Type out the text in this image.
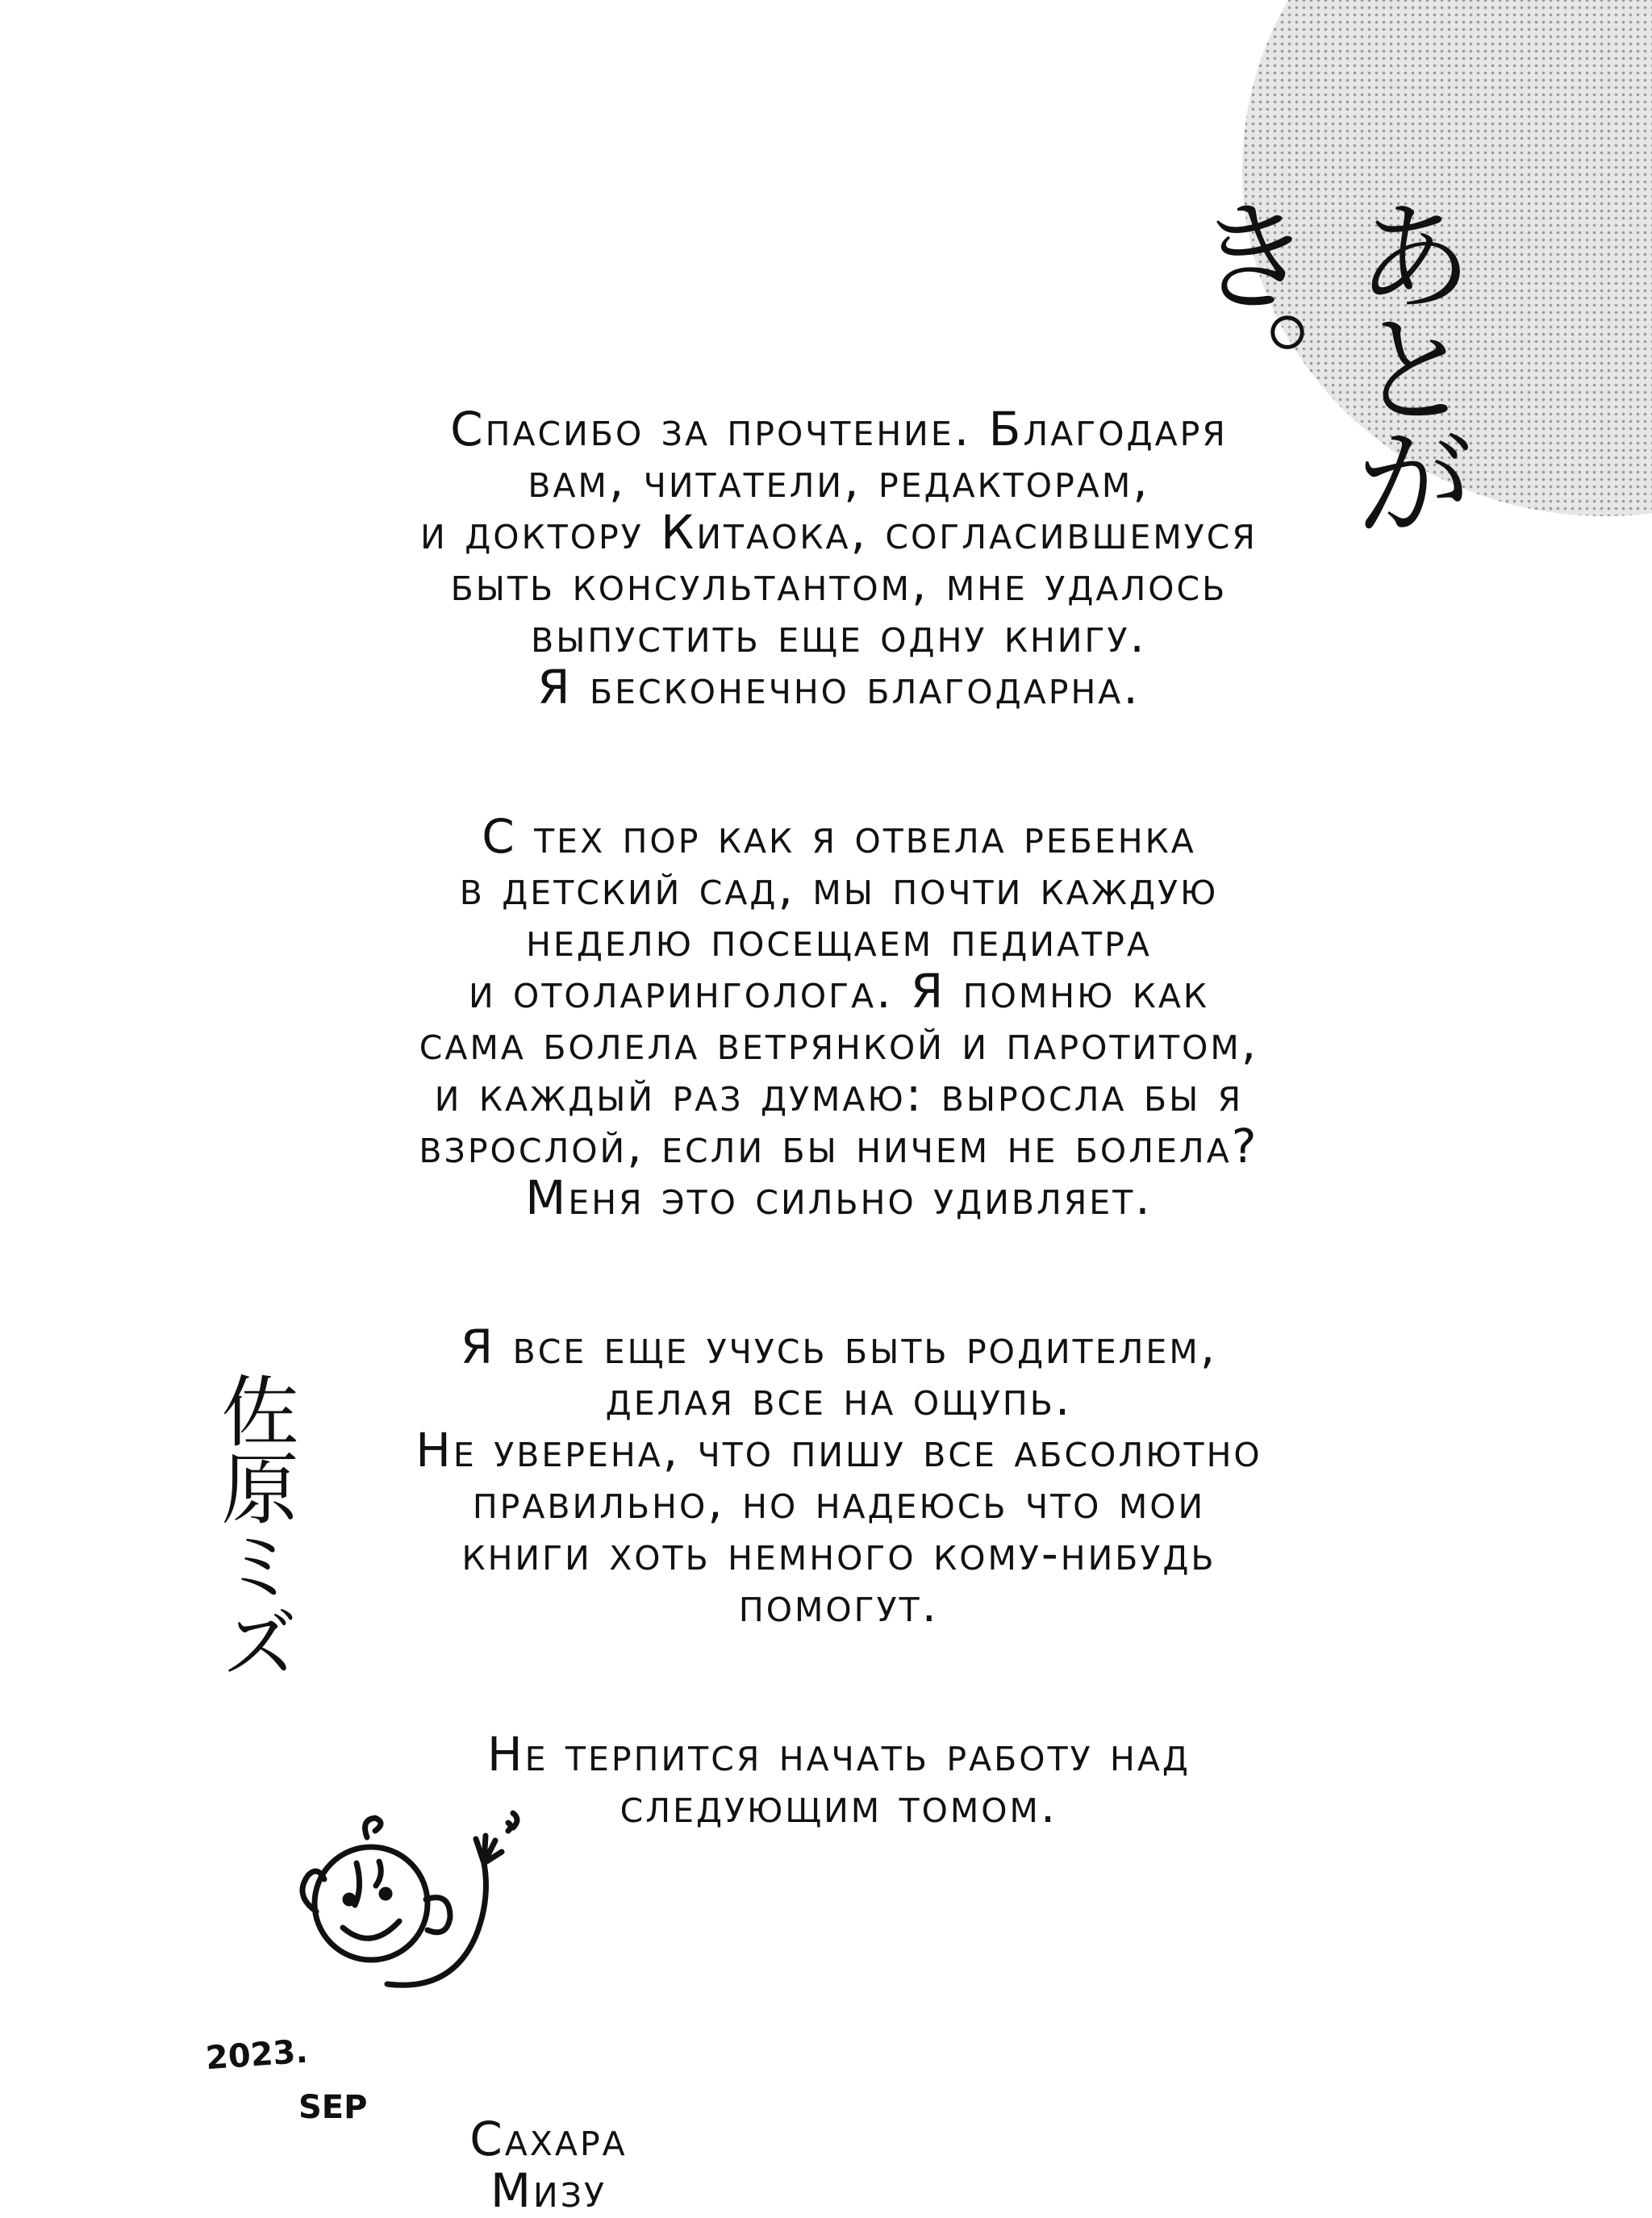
あとがき。

Спасибо за прочтение. Благодаря
вам, читатели, редакторам,
и доктору Китаока, согласившемуся
быть консультантом, мне удалось
выпустить еще одну книгу.
Я бесконечно благодарна.

С тех пор как я отвела ребенка
в детский сад, мы почти каждую
неделю посещаем педиатра
и отоларинголога. Я помню как
сама болела ветрянкой и паротитом,
и каждый раз думаю: выросла бы я
взрослой, если бы ничем не болела?
Меня это сильно удивляет.

Я все еще учусь быть родителем,
делая все на ощупь.
Не уверена, что пишу все абсолютно
правильно, но надеюсь что мои
книги хоть немного кому-нибудь
помогут.

Не терпится начать работу над
следующим томом.

佐原ミズ
2023.
SEP
Сахара
Мизу
